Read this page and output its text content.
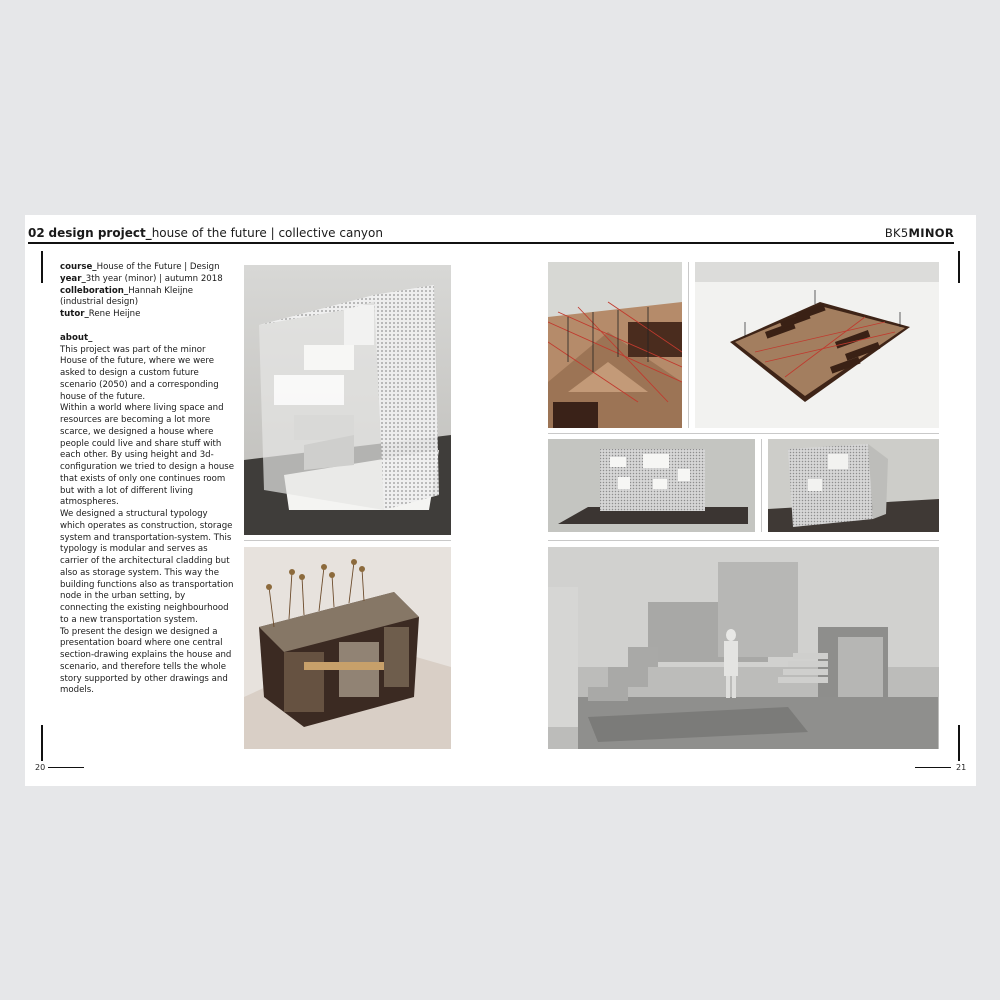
02 design project_house of the future | collective canyon	BK5MINOR
20	21

course_House of the Future | Design

year_3th year (minor) | autumn 2018

colleboration_Hannah Kleijne

(industrial design)

tutor_Rene Heijne

about_

This project was part of the minor House of the future, where we were asked to design a custom future scenario (2050) and a corresponding house of the future.

Within a world where living space and resources are becoming a lot more scarce, we designed a house where people could live and share stuff with each other. By using height and 3d-configuration we tried to design a house that exists of only one continues room but with a lot of different living atmospheres.

We designed a structural typology which operates as construction, storage system and transportation-system. This typology is modular and serves as carrier of the architectural cladding but also as storage system. This way the building functions also as transportation node in the urban setting, by connecting the existing neighbourhood to a new transportation system.

To present the design we designed a presentation board where one central section-drawing explains the house and scenario, and therefore tells the whole story supported by other drawings and models.
